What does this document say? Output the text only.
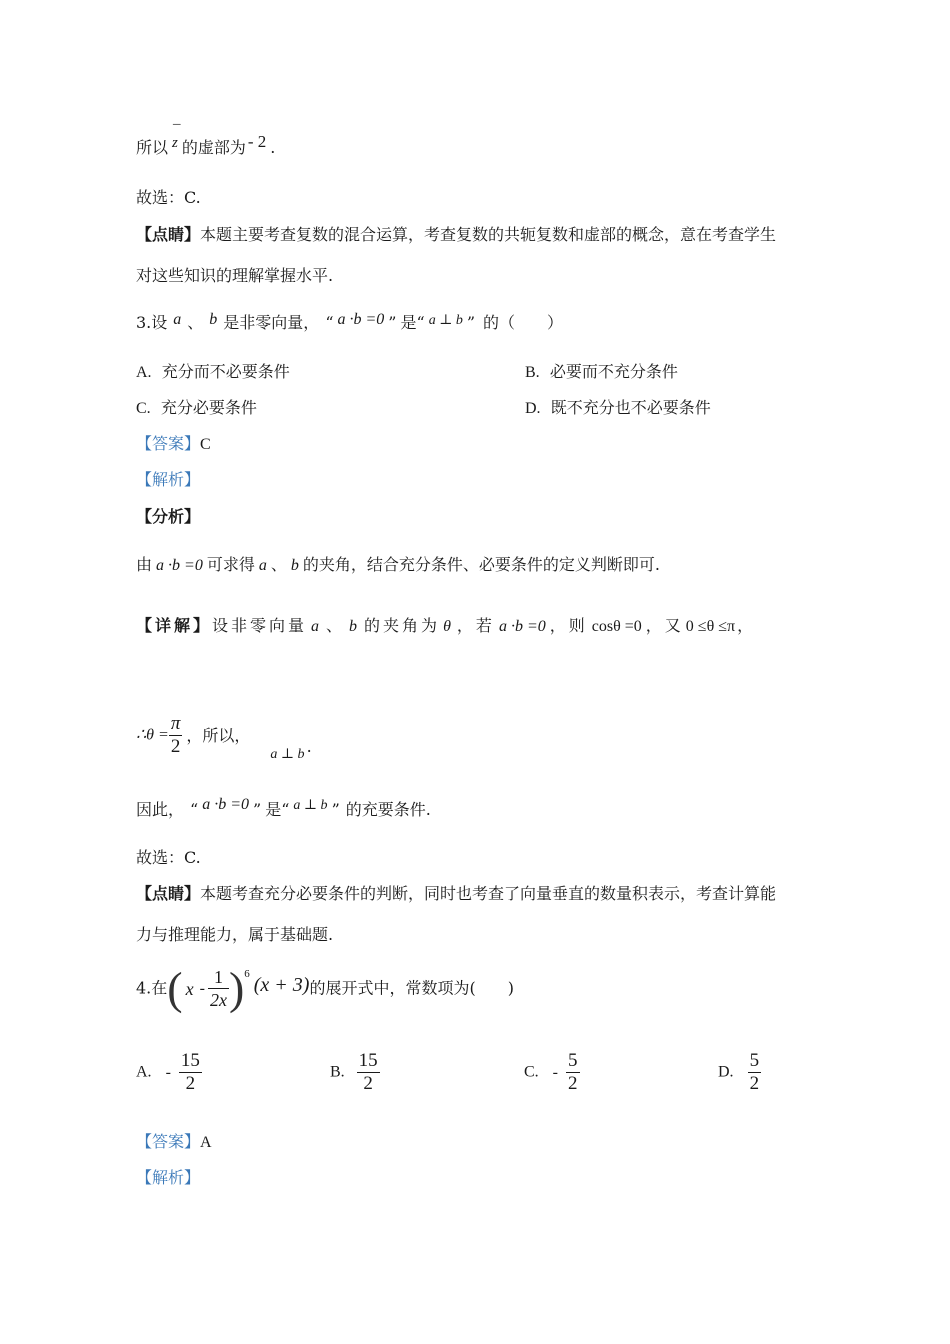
所以
¯
z 的虚部为 - 2 .
故选：C.
【点睛】本题主要考查复数的混合运算，考查复数的共轭复数和虚部的概念，意在考查学生
对这些知识的理解掌握水平.
3.设 a 、 b 是非零向量， “ a ·b =0 ” 是“ a ⊥ b ” 的（　　）
A. 充分而不必要条件	B. 必要而不充分条件
C. 充分必要条件	D. 既不充分也不必要条件
【答案】C
【解析】
【分析】
由 a ·b =0 可求得 a 、 b 的夹角，结合充分条件、必要条件的定义判断即可.
【详解】设非零向量 a 、 b 的夹角为 θ ，若 a ·b =0 ，则 cosθ =0 ，又 0 ≤θ ≤π ，
∴θ = $\frac{\pi}{2}$ ，所以，a ⊥ b .
因此， “ a ·b =0 ” 是“ a ⊥ b ” 的充要条件.
故选：C.
【点睛】本题考查充分必要条件的判断，同时也考查了向量垂直的数量积表示，考查计算能
力与推理能力，属于基础题.
4.在( x - $\frac{1}{2x} )^6$ (x + 3)的展开式中，常数项为(　　)
A. - $\frac{15}{2}$	B. $\frac{15}{2}$	C. - $\frac{5}{2}$	D. $\frac{5}{2}$
【答案】A
【解析】
